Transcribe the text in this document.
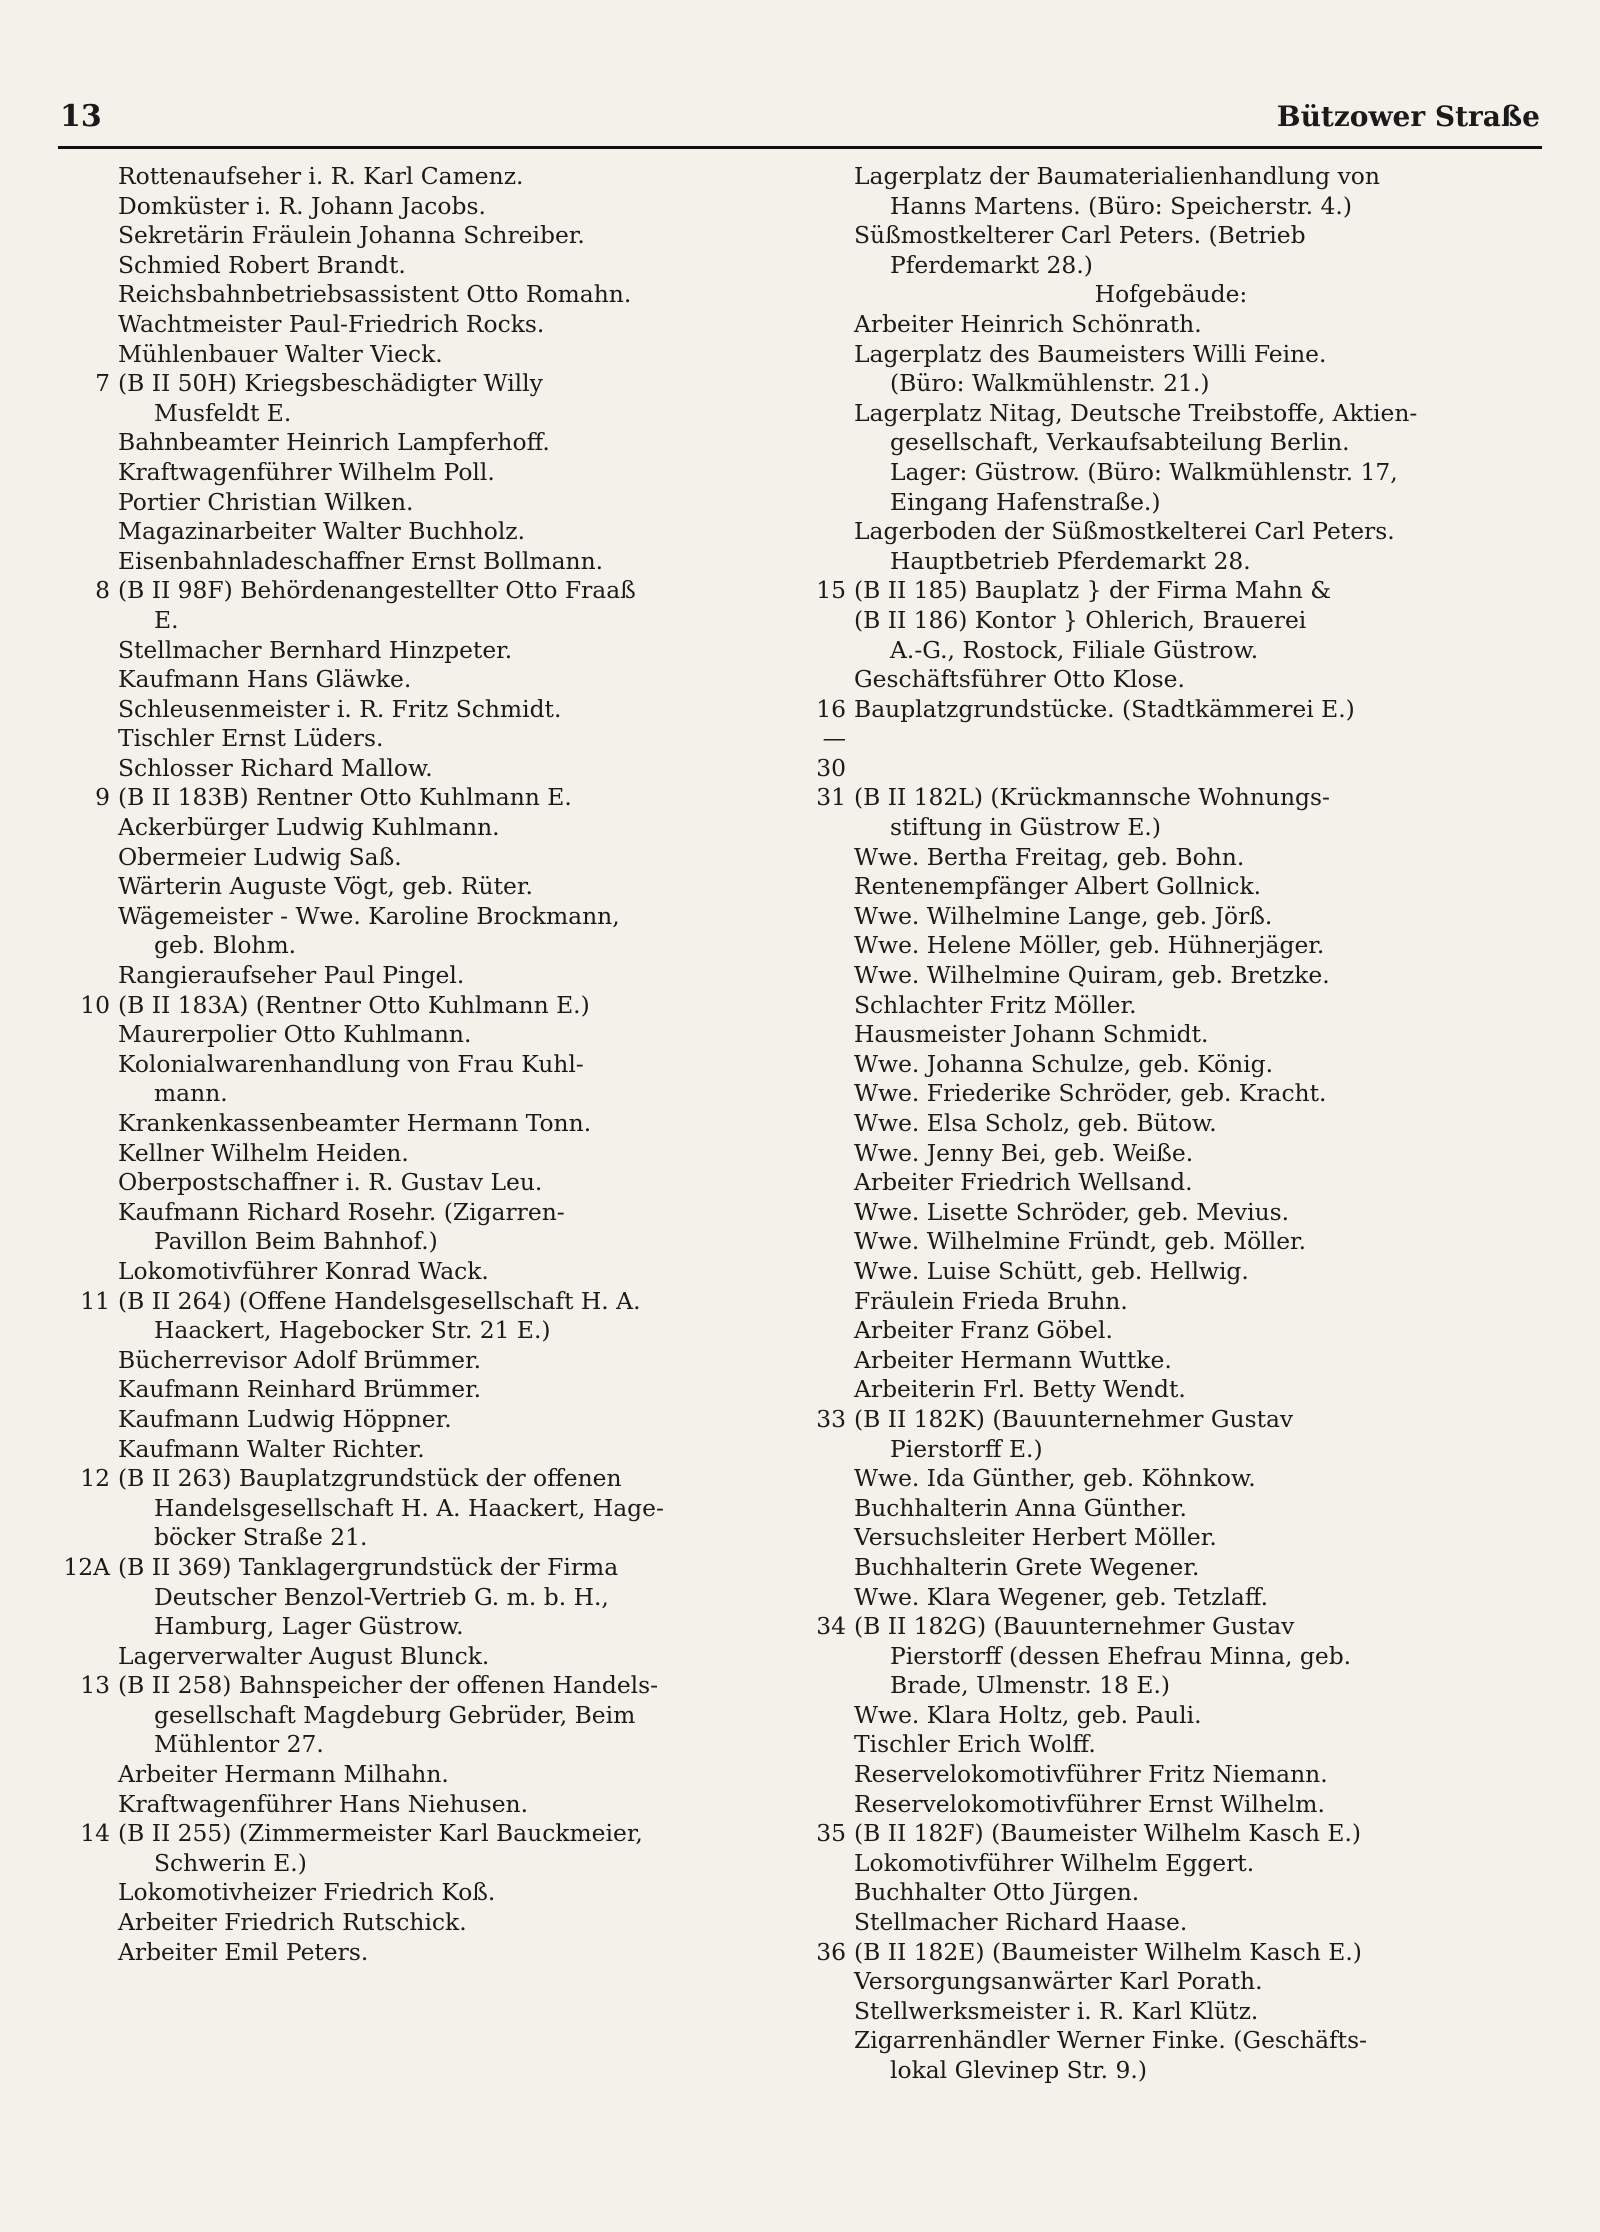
13	Bützower Straße
Rottenaufseher i. R. Karl Camenz.
Domküster i. R. Johann Jacobs.
Sekretärin Fräulein Johanna Schreiber.
Schmied Robert Brandt.
Reichsbahnbetriebsassistent Otto Romahn.
Wachtmeister Paul-Friedrich Rocks.
Mühlenbauer Walter Vieck.
7 (B II 50H) Kriegsbeschädigter Willy
Musfeldt E.
Bahnbeamter Heinrich Lampferhoff.
Kraftwagenführer Wilhelm Poll.
Portier Christian Wilken.
Magazinarbeiter Walter Buchholz.
Eisenbahnladeschaffner Ernst Bollmann.
8 (B II 98F) Behördenangestellter Otto Fraaß
E.
Stellmacher Bernhard Hinzpeter.
Kaufmann Hans Gläwke.
Schleusenmeister i. R. Fritz Schmidt.
Tischler Ernst Lüders.
Schlosser Richard Mallow.
9 (B II 183B) Rentner Otto Kuhlmann E.
Ackerbürger Ludwig Kuhlmann.
Obermeier Ludwig Saß.
Wärterin Auguste Vögt, geb. Rüter.
Wägemeister - Wwe. Karoline Brockmann,
geb. Blohm.
Rangieraufseher Paul Pingel.
10 (B II 183A) (Rentner Otto Kuhlmann E.)
Maurerpolier Otto Kuhlmann.
Kolonialwarenhandlung von Frau Kuhl-
mann.
Krankenkassenbeamter Hermann Tonn.
Kellner Wilhelm Heiden.
Oberpostschaffner i. R. Gustav Leu.
Kaufmann Richard Rosehr. (Zigarren-
Pavillon Beim Bahnhof.)
Lokomotivführer Konrad Wack.
11 (B II 264) (Offene Handelsgesellschaft H. A.
Haackert, Hagebocker Str. 21 E.)
Bücherrevisor Adolf Brümmer.
Kaufmann Reinhard Brümmer.
Kaufmann Ludwig Höppner.
Kaufmann Walter Richter.
12 (B II 263) Bauplatzgrundstück der offenen
Handelsgesellschaft H. A. Haackert, Hage-
böcker Straße 21.
12A (B II 369) Tanklagergrundstück der Firma
Deutscher Benzol-Vertrieb G. m. b. H.,
Hamburg, Lager Güstrow.
Lagerverwalter August Blunck.
13 (B II 258) Bahnspeicher der offenen Handels-
gesellschaft Magdeburg Gebrüder, Beim
Mühlentor 27.
Arbeiter Hermann Milhahn.
Kraftwagenführer Hans Niehusen.
14 (B II 255) (Zimmermeister Karl Bauckmeier,
Schwerin E.)
Lokomotivheizer Friedrich Koß.
Arbeiter Friedrich Rutschick.
Arbeiter Emil Peters.
Lagerplatz der Baumaterialienhandlung von
Hanns Martens. (Büro: Speicherstr. 4.)
Süßmostkelterer Carl Peters. (Betrieb
Pferdemarkt 28.)
Hofgebäude:
Arbeiter Heinrich Schönrath.
Lagerplatz des Baumeisters Willi Feine.
(Büro: Walkmühlenstr. 21.)
Lagerplatz Nitag, Deutsche Treibstoffe, Aktien-
gesellschaft, Verkaufsabteilung Berlin.
Lager: Güstrow. (Büro: Walkmühlenstr. 17,
Eingang Hafenstraße.)
Lagerboden der Süßmostkelterei Carl Peters.
Hauptbetrieb Pferdemarkt 28.
15 (B II 185) Bauplatz } der Firma Mahn &
(B II 186) Kontor } Ohlerich, Brauerei
A.-G., Rostock, Filiale Güstrow.
Geschäftsführer Otto Klose.
16—30
Bauplatzgrundstücke. (Stadtkämmerei E.)
31 (B II 182L) (Krückmannsche Wohnungs-
stiftung in Güstrow E.)
Wwe. Bertha Freitag, geb. Bohn.
Rentenempfänger Albert Gollnick.
Wwe. Wilhelmine Lange, geb. Jörß.
Wwe. Helene Möller, geb. Hühnerjäger.
Wwe. Wilhelmine Quiram, geb. Bretzke.
Schlachter Fritz Möller.
Hausmeister Johann Schmidt.
Wwe. Johanna Schulze, geb. König.
Wwe. Friederike Schröder, geb. Kracht.
Wwe. Elsa Scholz, geb. Bütow.
Wwe. Jenny Bei, geb. Weiße.
Arbeiter Friedrich Wellsand.
Wwe. Lisette Schröder, geb. Mevius.
Wwe. Wilhelmine Fründt, geb. Möller.
Wwe. Luise Schütt, geb. Hellwig.
Fräulein Frieda Bruhn.
Arbeiter Franz Göbel.
Arbeiter Hermann Wuttke.
Arbeiterin Frl. Betty Wendt.
33 (B II 182K) (Bauunternehmer Gustav
Pierstorff E.)
Wwe. Ida Günther, geb. Köhnkow.
Buchhalterin Anna Günther.
Versuchsleiter Herbert Möller.
Buchhalterin Grete Wegener.
Wwe. Klara Wegener, geb. Tetzlaff.
34 (B II 182G) (Bauunternehmer Gustav
Pierstorff (dessen Ehefrau Minna, geb.
Brade, Ulmenstr. 18 E.)
Wwe. Klara Holtz, geb. Pauli.
Tischler Erich Wolff.
Reservelokomotivführer Fritz Niemann.
Reservelokomotivführer Ernst Wilhelm.
35 (B II 182F) (Baumeister Wilhelm Kasch E.)
Lokomotivführer Wilhelm Eggert.
Buchhalter Otto Jürgen.
Stellmacher Richard Haase.
36 (B II 182E) (Baumeister Wilhelm Kasch E.)
Versorgungsanwärter Karl Porath.
Stellwerksmeister i. R. Karl Klütz.
Zigarrenhändler Werner Finke. (Geschäfts-
lokal Glevinер Str. 9.)
